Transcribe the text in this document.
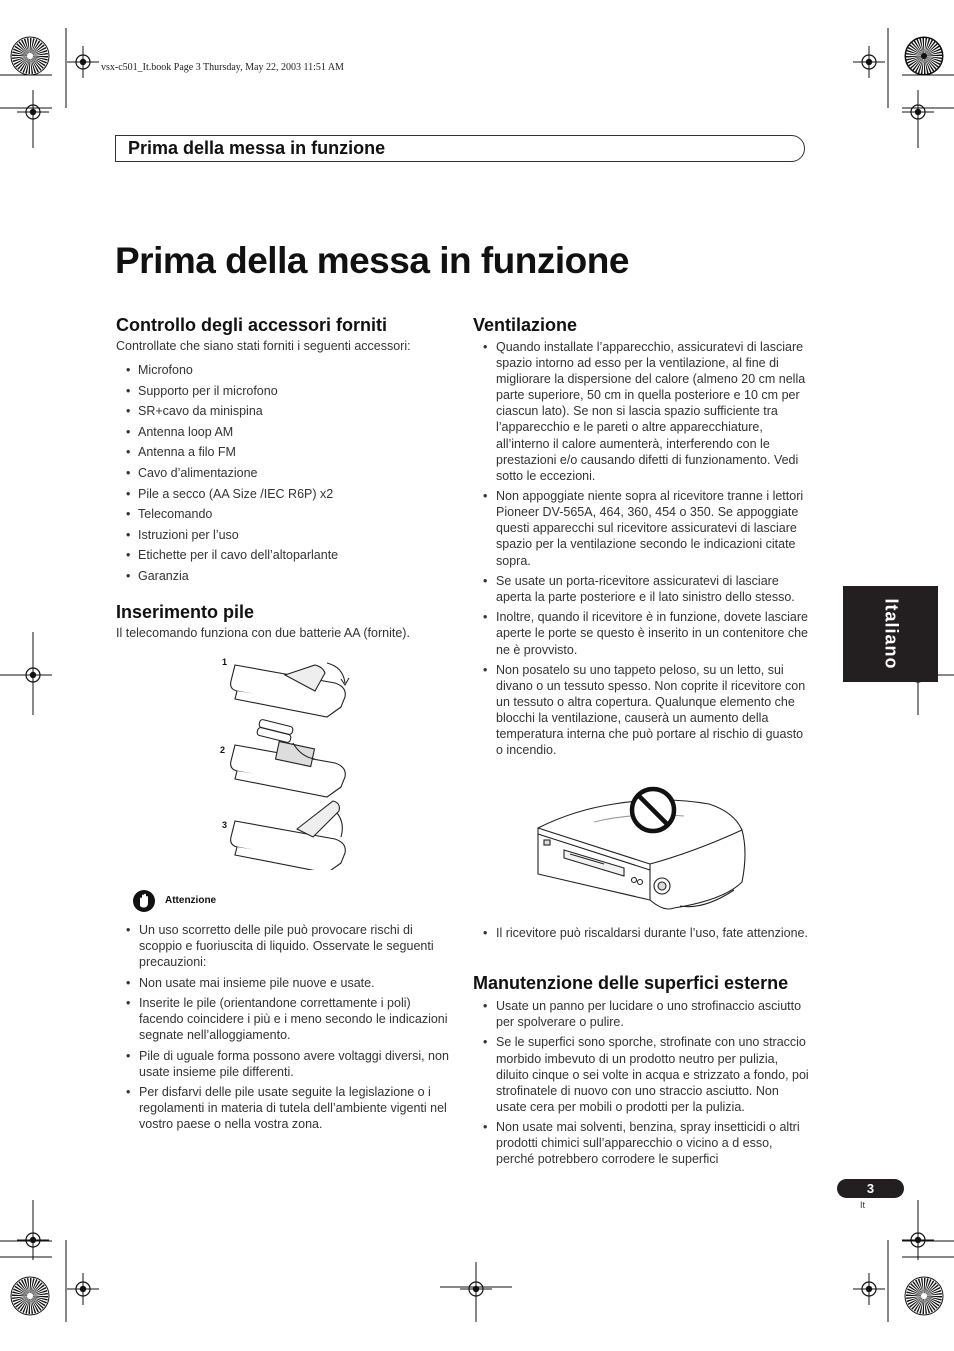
vsx-c501_It.book Page 3 Thursday, May 22, 2003 11:51 AM
Prima della messa in funzione
Prima della messa in funzione
Controllo degli accessori forniti

Controllate che siano stati forniti i seguenti accessori:

• Microfono
• Supporto per il microfono
• SR+cavo da minispina
• Antenna loop AM
• Antenna a filo FM
• Cavo d’alimentazione
• Pile a secco (AA Size /IEC R6P) x2
• Telecomando
• Istruzioni per l’uso
• Etichette per il cavo dell’altoparlante
• Garanzia
Inserimento pile

Il telecomando funziona con due batterie AA (fornite).

1
2
3
Attenzione
• Un uso scorretto delle pile può provocare rischi di scoppio e fuoriuscita di liquido. Osservate le seguenti precauzioni:
• Non usate mai insieme pile nuove e usate.
• Inserite le pile (orientandone correttamente i poli) facendo coincidere i più e i meno secondo le indicazioni segnate nell’alloggiamento.
• Pile di uguale forma possono avere voltaggi diversi, non usate insieme pile differenti.
• Per disfarvi delle pile usate seguite la legislazione o i regolamenti in materia di tutela dell’ambiente vigenti nel vostro paese o nella vostra zona.
Ventilazione
• Quando installate l’apparecchio, assicuratevi di lasciare spazio intorno ad esso per la ventilazione, al fine di migliorare la dispersione del calore (almeno 20 cm nella parte superiore, 50 cm in quella posteriore e 10 cm per ciascun lato). Se non si lascia spazio sufficiente tra l’apparecchio e le pareti o altre apparecchiature, all’interno il calore aumenterà, interferendo con le prestazioni e/o causando difetti di funzionamento. Vedi sotto le eccezioni.
• Non appoggiate niente sopra al ricevitore tranne i lettori Pioneer DV-565A, 464, 360, 454 o 350. Se appoggiate questi apparecchi sul ricevitore assicuratevi di lasciare spazio per la ventilazione secondo le indicazioni citate sopra.
• Se usate un porta-ricevitore assicuratevi di lasciare aperta la parte posteriore e il lato sinistro dello stesso.
• Inoltre, quando il ricevitore è in funzione, dovete lasciare aperte le porte se questo è inserito in un contenitore che ne è provvisto.
• Non posatelo su uno tappeto peloso, su un letto, sui divano o un tessuto spesso. Non coprite il ricevitore con un tessuto o altra copertura. Qualunque elemento che blocchi la ventilazione, causerà un aumento della temperatura interna che può portare al rischio di guasto o incendio.
• Il ricevitore può riscaldarsi durante l’uso, fate attenzione.
Manutenzione delle superfici esterne
• Usate un panno per lucidare o uno strofinaccio asciutto per spolverare o pulire.
• Se le superfici sono sporche, strofinate con uno straccio morbido imbevuto di un prodotto neutro per pulizia, diluito cinque o sei volte in acqua e strizzato a fondo, poi strofinatele di nuovo con uno straccio asciutto. Non usate cera per mobili o prodotti per la pulizia.
• Non usate mai solventi, benzina, spray insetticidi o altri prodotti chimici sull’apparecchio o vicino a d esso, perché potrebbero corrodere le superfici
Italiano
3
It
